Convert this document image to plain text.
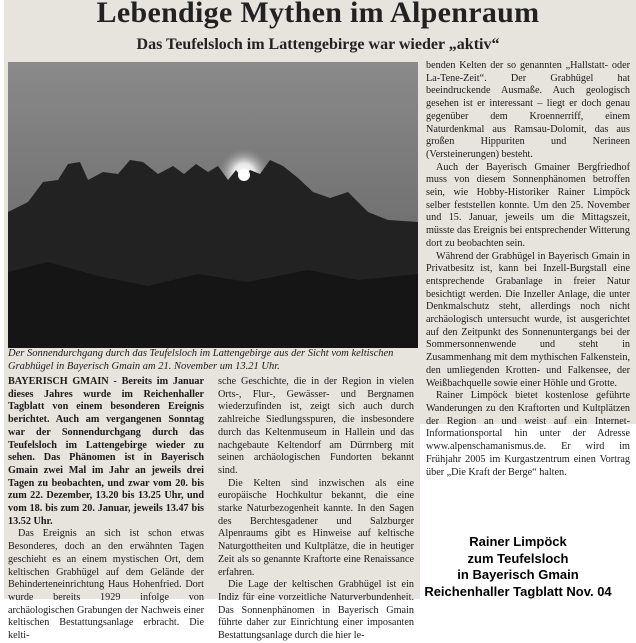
Lebendige Mythen im Alpenraum
Das Teufelsloch im Lattengebirge war wieder „aktiv“

Der Sonnendurchgang durch das Teufelsloch im Lattengebirge aus der Sicht vom keltischen Grabhügel in Bayerisch Gmain am 21. November um 13.21 Uhr.

BAYERISCH GMAIN - Bereits im Januar dieses Jahres wurde im Reichenhaller Tagblatt von einem besonderen Ereignis berichtet. Auch am vergangenen Sonntag war der Sonnendurchgang durch das Teufelsloch im Lattengebirge wieder zu sehen. Das Phänomen ist in Bayerisch Gmain zwei Mal im Jahr an jeweils drei Tagen zu beobachten, und zwar vom 20. bis zum 22. Dezember, 13.20 bis 13.25 Uhr, und vom 18. bis zum 20. Januar, jeweils 13.47 bis 13.52 Uhr.

Das Ereignis an sich ist schon etwas Besonderes, doch an den erwähnten Tagen geschieht es an einem mystischen Ort, dem keltischen Grabhügel auf dem Gelände der Behinderteneinrichtung Haus Hohenfried. Dort wurde bereits 1929 infolge von archäologischen Grabungen der Nachweis einer keltischen Bestattungsanlage erbracht. Die kelti-

sche Geschichte, die in der Region in vielen Orts-, Flur-, Gewässer- und Bergnamen wiederzufinden ist, zeigt sich auch durch zahlreiche Siedlungsspuren, die insbesondere durch das Keltenmuseum in Hallein und das nachgebaute Keltendorf am Dürrnberg mit seinen archäologischen Fundorten bekannt sind.

Die Kelten sind inzwischen als eine europäische Hochkultur bekannt, die eine starke Naturbezogenheit kannte. In den Sagen des Berchtesgadener und Salzburger Alpenraums gibt es Hinweise auf keltische Naturgottheiten und Kultplätze, die in heutiger Zeit als so genannte Kraftorte eine Renaissance erfahren.

Die Lage der keltischen Grabhügel ist ein Indiz für eine vorzeitliche Naturverbundenheit. Das Sonnenphänomen in Bayerisch Gmain führte daher zur Einrichtung einer imposanten Bestattungsanlage durch die hier le-

benden Kelten der so genannten „Hallstatt- oder La-Tene-Zeit“. Der Grabhügel hat beeindruckende Ausmaße. Auch geologisch gesehen ist er interessant – liegt er doch genau gegenüber dem Kroennerriff, einem Naturdenkmal aus Ramsau-Dolomit, das aus großen Hippuriten und Nerineen (Versteinerungen) besteht.

Auch der Bayerisch Gmainer Bergfriedhof muss von diesem Sonnenphänomen betroffen sein, wie Hobby-Historiker Rainer Limpöck selber feststellen konnte. Um den 25. November und 15. Januar, jeweils um die Mittagszeit, müsste das Ereignis bei entsprechender Witterung dort zu beobachten sein.

Während der Grabhügel in Bayerisch Gmain in Privatbesitz ist, kann bei Inzell-Burgstall eine entsprechende Grabanlage in freier Natur besichtigt werden. Die Inzeller Anlage, die unter Denkmalschutz steht, allerdings noch nicht archäologisch untersucht wurde, ist ausgerichtet auf den Zeitpunkt des Sonnenuntergangs bei der Sommersonnenwende und steht in Zusammenhang mit dem mythischen Falkenstein, den umliegenden Krotten- und Falkensee, der Weißbachquelle sowie einer Höhle und Grotte.

Rainer Limpöck bietet kostenlose geführte Wanderungen zu den Kraftorten und Kultplätzen der Region an und weist auf ein Internet-Informationsportal hin unter der Adresse www.alpenschamanismus.de. Er wird im Frühjahr 2005 im Kurgastzentrum einen Vortrag über „Die Kraft der Berge“ halten.

Rainer Limpöck
zum Teufelsloch
in Bayerisch Gmain
Reichenhaller Tagblatt Nov. 04
